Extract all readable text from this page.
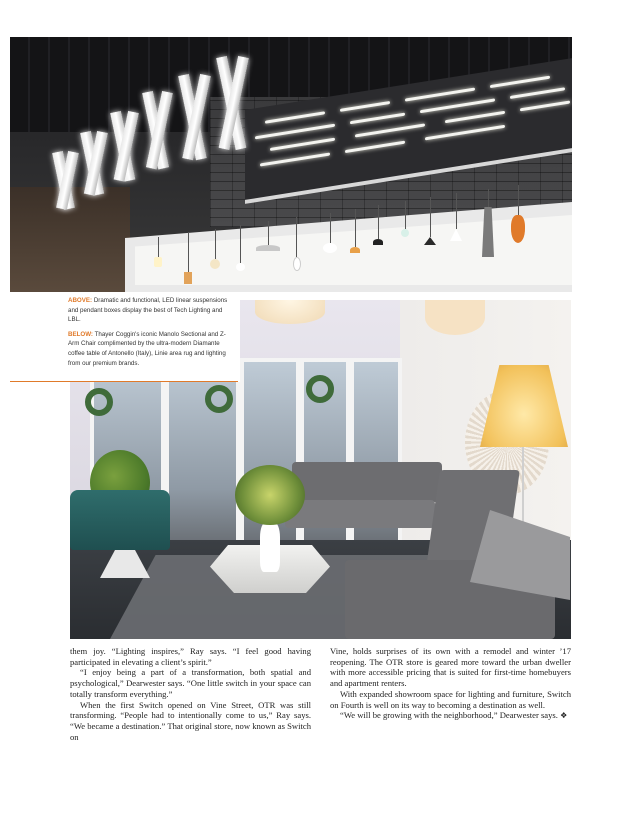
ABOVE: Dramatic and functional, LED linear suspensions and pendant boxes display the best of Tech Lighting and LBL.

BELOW: Thayer Coggin's iconic Manolo Sectional and Z-Arm Chair complimented by the ultra-modern Diamante coffee table of Antonello (Italy), Linie area rug and lighting from our premium brands.

them joy. “Lighting inspires,” Ray says. “I feel good having participated in elevating a client’s spirit.”

“I enjoy being a part of a transformation, both spatial and psychological,” Dearwester says. “One little switch in your space can totally transform everything.”

When the first Switch opened on Vine Street, OTR was still transforming. “People had to intentionally come to us,” Ray says. “We became a destination.” That original store, now known as Switch on

Vine, holds surprises of its own with a remodel and winter ’17 reopening. The OTR store is geared more toward the urban dweller with more accessible pricing that is suited for first-time homebuyers and apartment renters.

With expanded showroom space for lighting and furniture, Switch on Fourth is well on its way to becoming a destination as well.

“We will be growing with the neighborhood,” Dearwester says. ❖
